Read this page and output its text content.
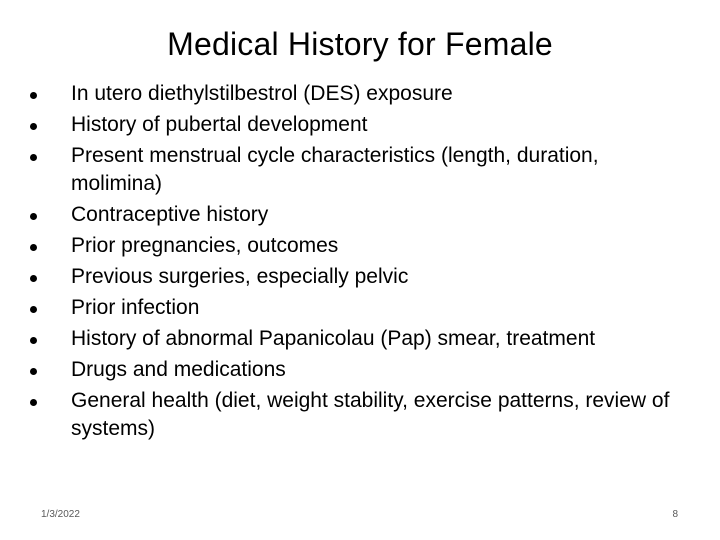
Medical History for Female
In utero diethylstilbestrol (DES) exposure
History of pubertal development
Present menstrual cycle characteristics (length, duration, molimina)
Contraceptive history
Prior pregnancies, outcomes
Previous surgeries, especially pelvic
Prior infection
History of abnormal Papanicolau (Pap) smear, treatment
Drugs and medications
General health (diet, weight stability, exercise patterns, review of systems)
1/3/2022	8
